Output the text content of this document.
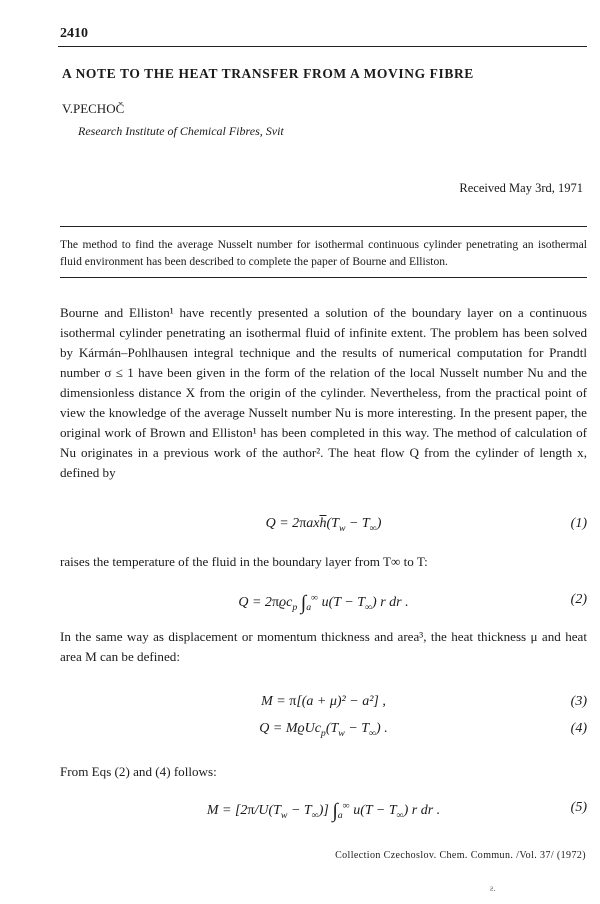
2410
A NOTE TO THE HEAT TRANSFER FROM A MOVING FIBRE
V.PECHOČ
Research Institute of Chemical Fibres, Svit
Received May 3rd, 1971
The method to find the average Nusselt number for isothermal continuous cylinder penetrating an isothermal fluid environment has been described to complete the paper of Bourne and Elliston.
Bourne and Elliston¹ have recently presented a solution of the boundary layer on a continuous isothermal cylinder penetrating an isothermal fluid of infinite extent. The problem has been solved by Kármán–Pohlhausen integral technique and the results of numerical computation for Prandtl number σ ≤ 1 have been given in the form of the relation of the local Nusselt number Nu and the dimensionless distance X from the origin of the cylinder. Nevertheless, from the practical point of view the knowledge of the average Nusselt number Nu is more interesting. In the present paper, the original work of Brown and Elliston¹ has been completed in this way. The method of calculation of Nu originates in a previous work of the author². The heat flow Q from the cylinder of length x, defined by
$Q = 2\pi ax\overline{h}(T_w - T_\infty)$	(1)
raises the temperature of the fluid in the boundary layer from T∞ to T:
Q = 2πϱc$_p$ $\int_a^\infty$ $u(T - T_\infty)$ r dr .	(2)
In the same way as displacement or momentum thickness and area³, the heat thickness μ and heat area M can be defined:
M = π[(a + μ)² − a²] ,	(3)
$Q = MϱUc_p(T_w - T_\infty)$ .	(4)
From Eqs (2) and (4) follows:
$M = [2\pi/U(T_w - T_\infty)]$ $\int_a^\infty$ $u(T - T_\infty)$ r dr .	(5)
Collection Czechoslov. Chem. Commun. /Vol. 37/ (1972)
ƨ.
